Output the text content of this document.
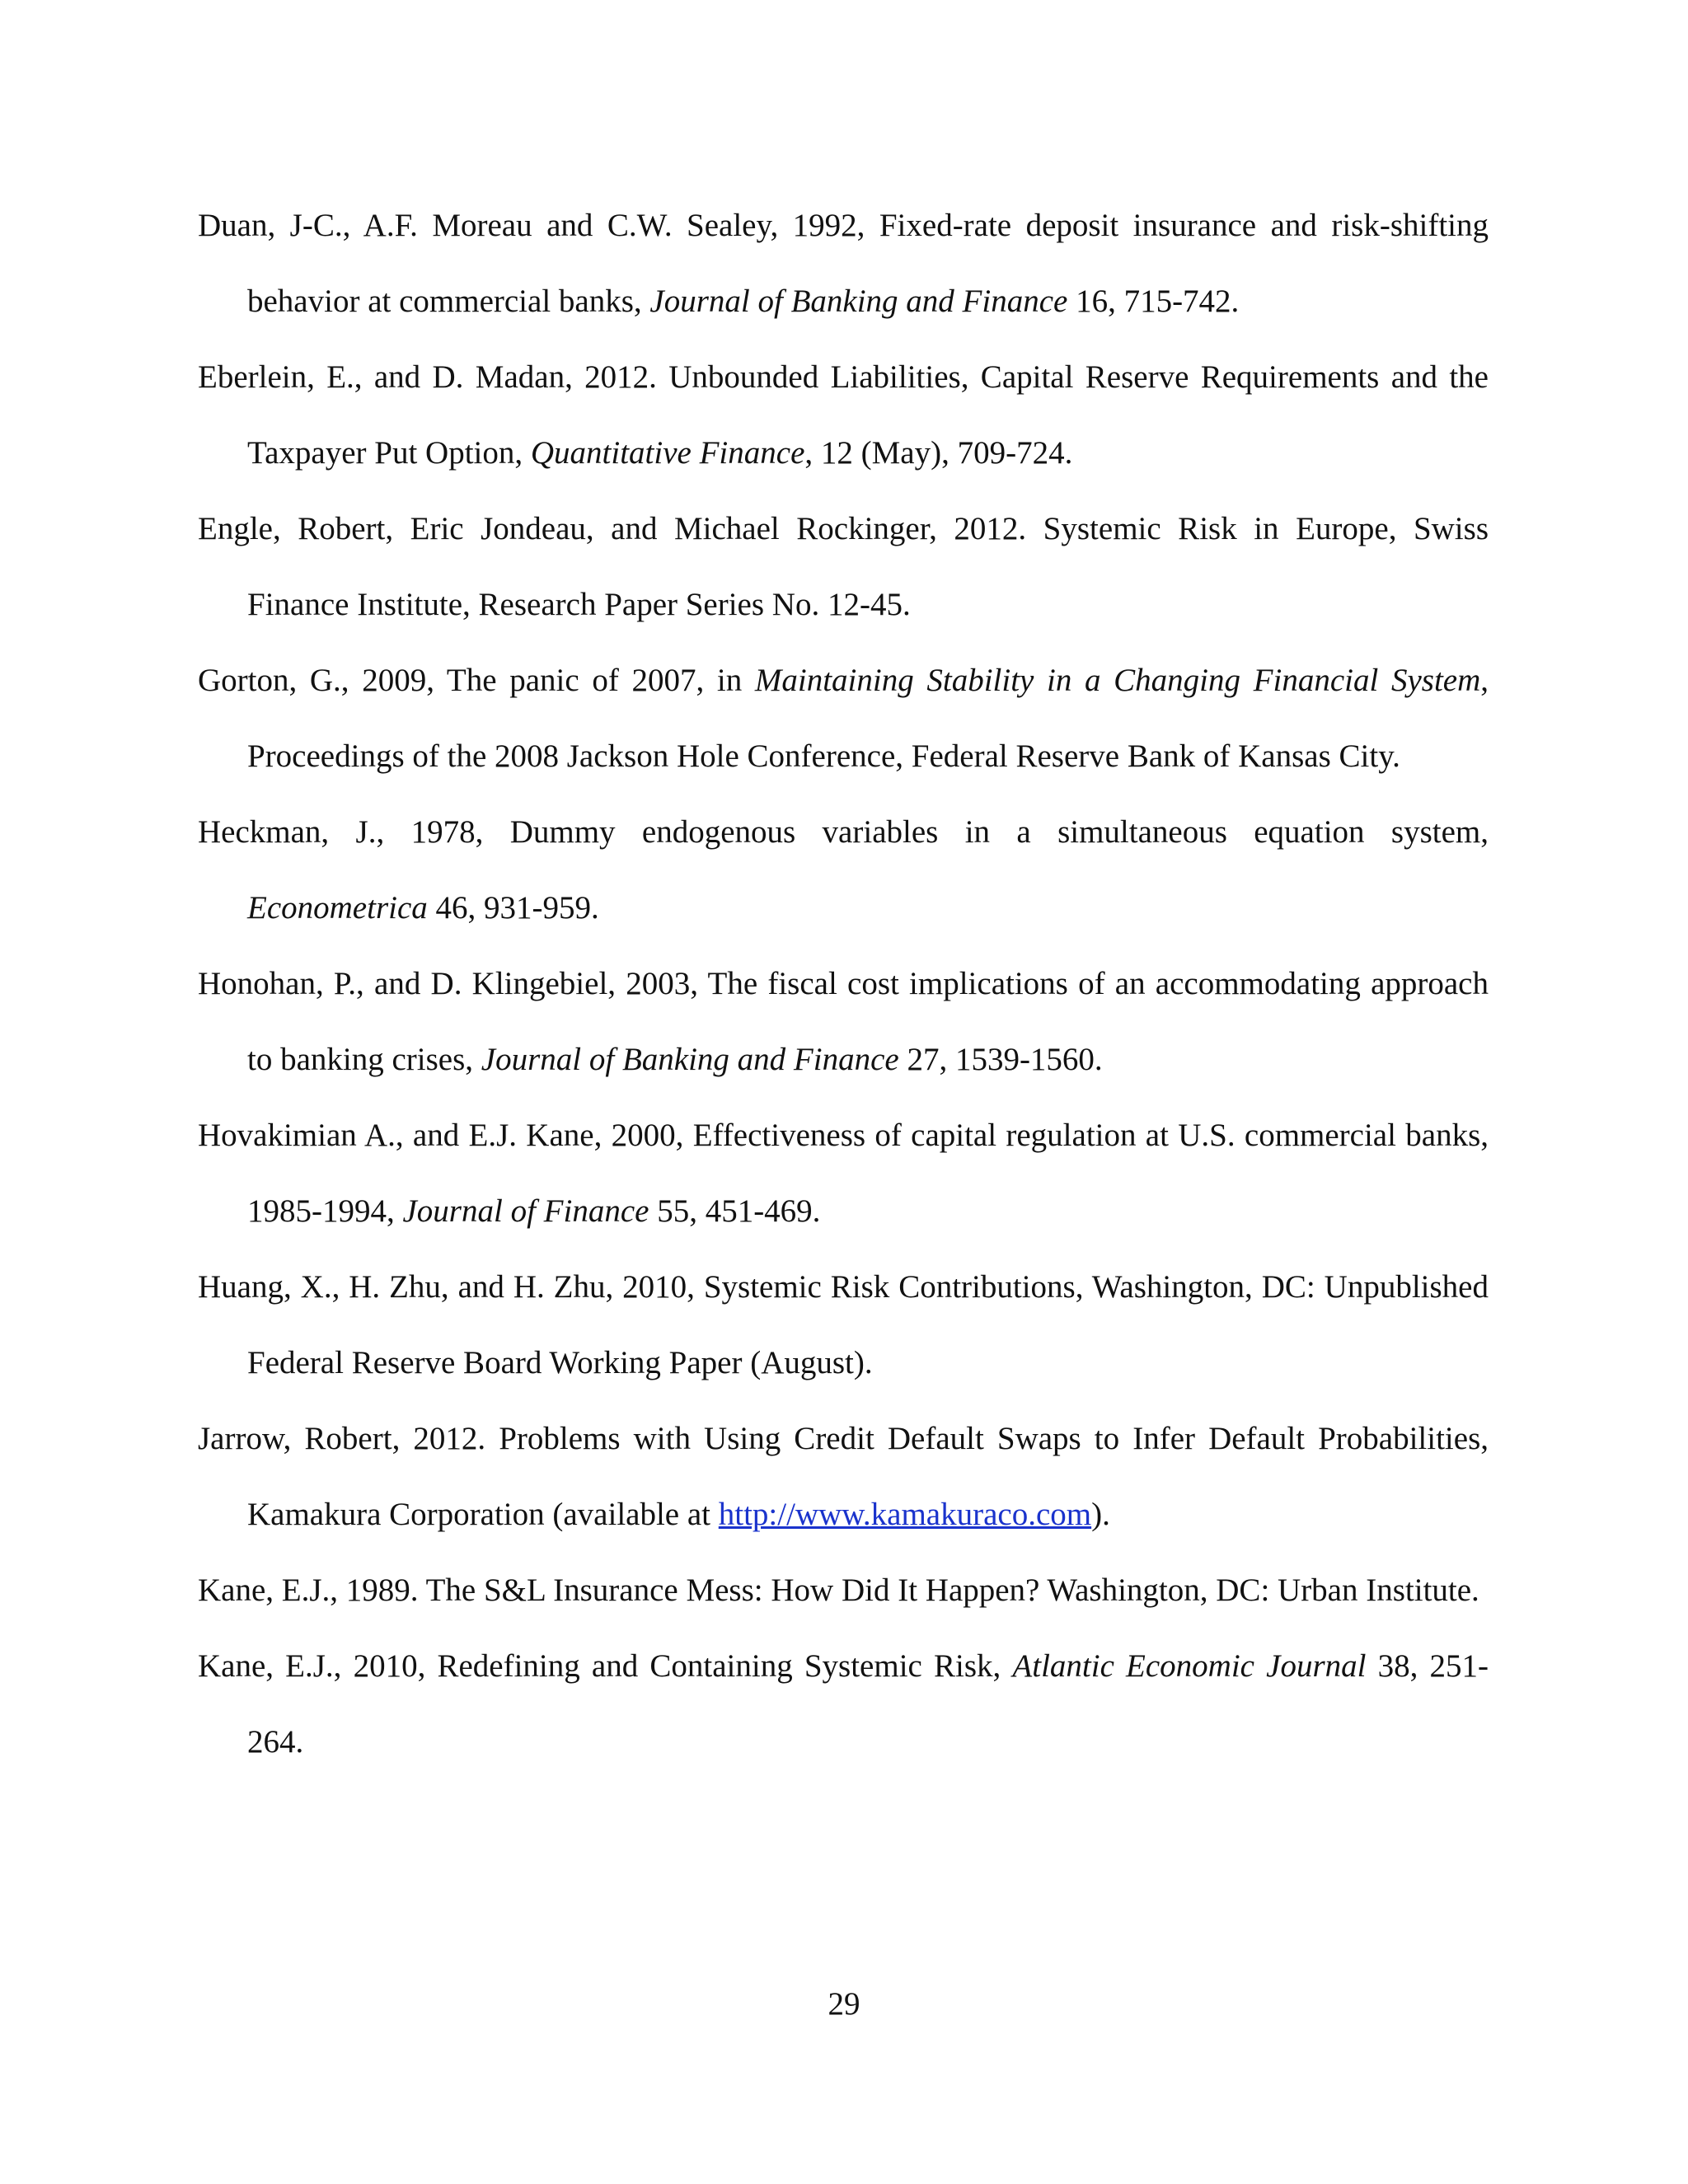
Duan, J-C., A.F. Moreau and C.W. Sealey, 1992, Fixed-rate deposit insurance and risk-shifting behavior at commercial banks, Journal of Banking and Finance 16, 715-742.

Eberlein, E., and D. Madan, 2012. Unbounded Liabilities, Capital Reserve Requirements and the Taxpayer Put Option, Quantitative Finance, 12 (May), 709-724.

Engle, Robert, Eric Jondeau, and Michael Rockinger, 2012. Systemic Risk in Europe, Swiss Finance Institute, Research Paper Series No. 12-45.

Gorton, G., 2009, The panic of 2007, in Maintaining Stability in a Changing Financial System, Proceedings of the 2008 Jackson Hole Conference, Federal Reserve Bank of Kansas City.

Heckman, J., 1978, Dummy endogenous variables in a simultaneous equation system, Econometrica 46, 931-959.

Honohan, P., and D. Klingebiel, 2003, The fiscal cost implications of an accommodating approach to banking crises, Journal of Banking and Finance 27, 1539-1560.

Hovakimian A., and E.J. Kane, 2000, Effectiveness of capital regulation at U.S. commercial banks, 1985-1994, Journal of Finance 55, 451-469.

Huang, X., H. Zhu, and H. Zhu, 2010, Systemic Risk Contributions, Washington, DC: Unpublished Federal Reserve Board Working Paper (August).

Jarrow, Robert, 2012. Problems with Using Credit Default Swaps to Infer Default Probabilities, Kamakura Corporation (available at http://www.kamakuraco.com).

Kane, E.J., 1989. The S&L Insurance Mess: How Did It Happen? Washington, DC: Urban Institute.

Kane, E.J., 2010, Redefining and Containing Systemic Risk, Atlantic Economic Journal 38, 251-264.

29
